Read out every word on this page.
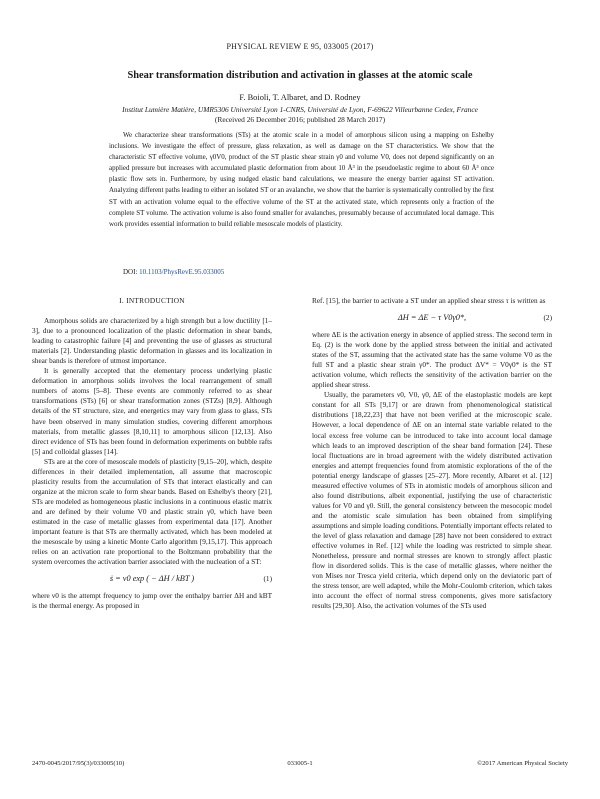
PHYSICAL REVIEW E 95, 033005 (2017)
Shear transformation distribution and activation in glasses at the atomic scale
F. Boioli, T. Albaret, and D. Rodney
Institut Lumière Matière, UMR5306 Université Lyon 1-CNRS, Université de Lyon, F-69622 Villeurbanne Cedex, France
(Received 26 December 2016; published 28 March 2017)

We characterize shear transformations (STs) at the atomic scale in a model of amorphous silicon using a mapping on Eshelby inclusions. We investigate the effect of pressure, glass relaxation, as well as damage on the ST characteristics. We show that the characteristic ST effective volume, γ0V0, product of the ST plastic shear strain γ0 and volume V0, does not depend significantly on an applied pressure but increases with accumulated plastic deformation from about 10 Å³ in the pseudoelastic regime to about 60 Å³ once plastic flow sets in. Furthermore, by using nudged elastic band calculations, we measure the energy barrier against ST activation. Analyzing different paths leading to either an isolated ST or an avalanche, we show that the barrier is systematically controlled by the first ST with an activation volume equal to the effective volume of the ST at the activated state, which represents only a fraction of the complete ST volume. The activation volume is also found smaller for avalanches, presumably because of accumulated local damage. This work provides essential information to build reliable mesoscale models of plasticity.

DOI: 10.1103/PhysRevE.95.033005
I. INTRODUCTION

Amorphous solids are characterized by a high strength but a low ductility [1–3], due to a pronounced localization of the plastic deformation in shear bands, leading to catastrophic failure [4] and preventing the use of glasses as structural materials [2]. Understanding plastic deformation in glasses and its localization in shear bands is therefore of utmost importance.

It is generally accepted that the elementary process underlying plastic deformation in amorphous solids involves the local rearrangement of small numbers of atoms [5–8]. These events are commonly referred to as shear transformations (STs) [6] or shear transformation zones (STZs) [8,9]. Although details of the ST structure, size, and energetics may vary from glass to glass, STs have been observed in many simulation studies, covering different amorphous materials, from metallic glasses [8,10,11] to amorphous silicon [12,13]. Also direct evidence of STs has been found in deformation experiments on bubble rafts [5] and colloidal glasses [14].

STs are at the core of mesoscale models of plasticity [9,15–20], which, despite differences in their detailed implementation, all assume that macroscopic plasticity results from the accumulation of STs that interact elastically and can organize at the micron scale to form shear bands. Based on Eshelby's theory [21], STs are modeled as homogeneous plastic inclusions in a continuous elastic matrix and are defined by their volume V0 and plastic strain γ0, which have been estimated in the case of metallic glasses from experimental data [17]. Another important feature is that STs are thermally activated, which has been modeled at the mesoscale by using a kinetic Monte Carlo algorithm [9,15,17]. This approach relies on an activation rate proportional to the Boltzmann probability that the system overcomes the activation barrier associated with the nucleation of a ST:

ṡ = ν0 exp ( − ΔH / kBT )	(1)

where ν0 is the attempt frequency to jump over the enthalpy barrier ΔH and kBT is the thermal energy. As proposed in

Ref. [15], the barrier to activate a ST under an applied shear stress τ is written as

ΔH = ΔE − τ V0γ0*,	(2)

where ΔE is the activation energy in absence of applied stress. The second term in Eq. (2) is the work done by the applied stress between the initial and activated states of the ST, assuming that the activated state has the same volume V0 as the full ST and a plastic shear strain γ0*. The product ΔV* = V0γ0* is the ST activation volume, which reflects the sensitivity of the activation barrier on the applied shear stress.

Usually, the parameters ν0, V0, γ0, ΔE of the elastoplastic models are kept constant for all STs [9,17] or are drawn from phenomenological statistical distributions [18,22,23] that have not been verified at the microscopic scale. However, a local dependence of ΔE on an internal state variable related to the local excess free volume can be introduced to take into account local damage which leads to an improved description of the shear band formation [24]. These local fluctuations are in broad agreement with the widely distributed activation energies and attempt frequencies found from atomistic explorations of the of the potential energy landscape of glasses [25–27]. More recently, Albaret et al. [12] measured effective volumes of STs in atomistic models of amorphous silicon and also found distributions, albeit exponential, justifying the use of characteristic values for V0 and γ0. Still, the general consistency between the mesocopic model and the atomistic scale simulation has been obtained from simplifying assumptions and simple loading conditions. Potentially important effects related to the level of glass relaxation and damage [28] have not been considered to extract effective volumes in Ref. [12] while the loading was restricted to simple shear. Nonetheless, pressure and normal stresses are known to strongly affect plastic flow in disordered solids. This is the case of metallic glasses, where neither the von Mises nor Tresca yield criteria, which depend only on the deviatoric part of the stress tensor, are well adapted, while the Mohr-Coulomb criterion, which takes into account the effect of normal stress components, gives more satisfactory results [29,30]. Also, the activation volumes of the STs used

2470-0045/2017/95(3)/033005(10)	033005-1	©2017 American Physical Society
